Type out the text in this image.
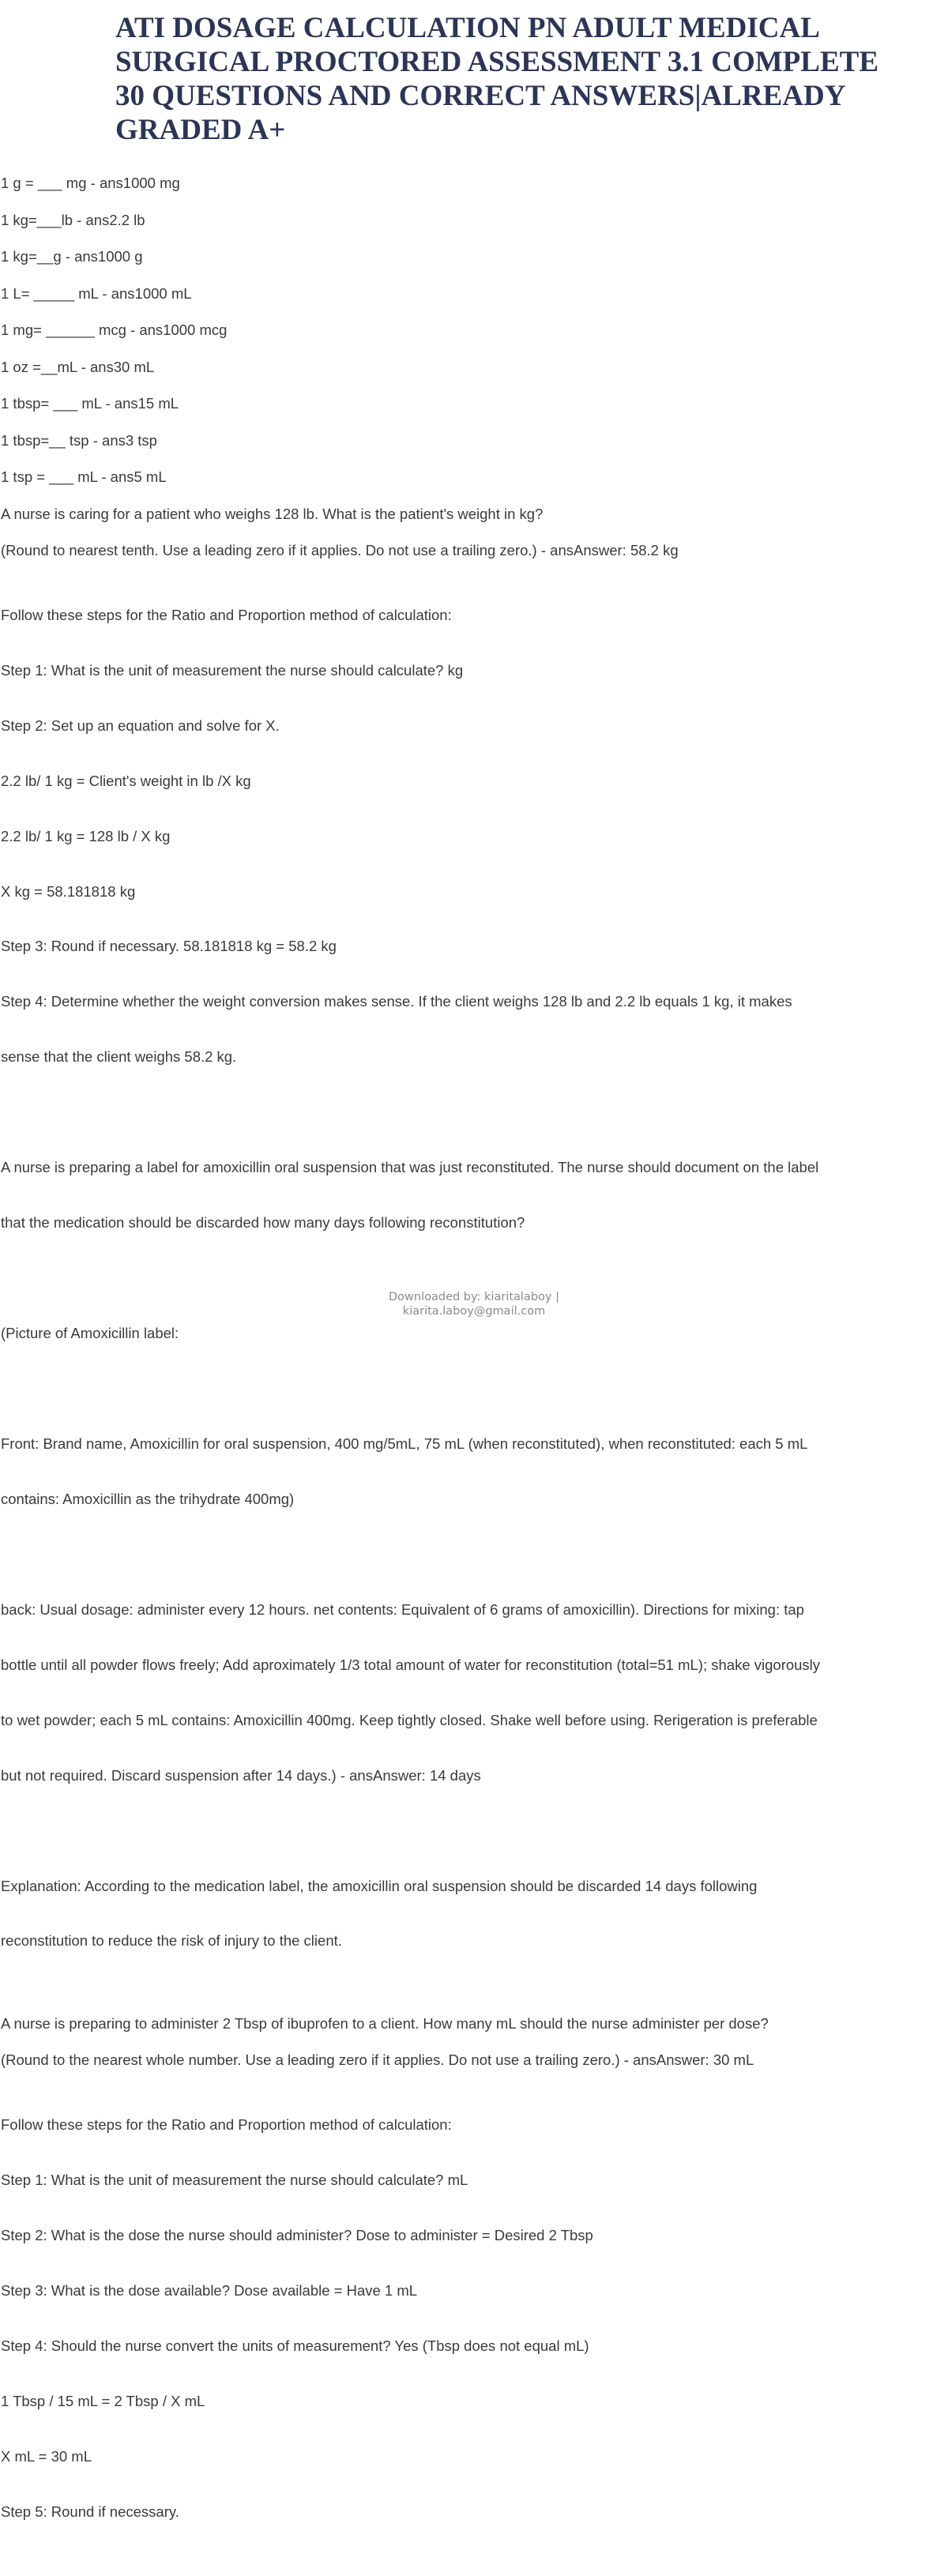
ATI DOSAGE CALCULATION PN ADULT MEDICAL SURGICAL PROCTORED ASSESSMENT 3.1 COMPLETE 30 QUESTIONS AND CORRECT ANSWERS|ALREADY GRADED A+
1 g = ___ mg - ans1000 mg
1 kg=___lb - ans2.2 lb
1 kg=__g - ans1000 g
1 L= _____ mL - ans1000 mL
1 mg= ______ mcg - ans1000 mcg
1 oz =__mL - ans30 mL
1 tbsp= ___ mL - ans15 mL
1 tbsp=__ tsp - ans3 tsp
1 tsp = ___ mL - ans5 mL
A nurse is caring for a patient who weighs 128 lb. What is the patient's weight in kg?
(Round to nearest tenth. Use a leading zero if it applies. Do not use a trailing zero.) - ansAnswer: 58.2 kg

Follow these steps for the Ratio and Proportion method of calculation:

Step 1: What is the unit of measurement the nurse should calculate? kg

Step 2: Set up an equation and solve for X.

2.2 lb/ 1 kg = Client's weight in lb /X kg

2.2 lb/ 1 kg = 128 lb / X kg

X kg = 58.181818 kg

Step 3: Round if necessary. 58.181818 kg = 58.2 kg

Step 4: Determine whether the weight conversion makes sense. If the client weighs 128 lb and 2.2 lb equals 1 kg, it makes

sense that the client weighs 58.2 kg.

A nurse is preparing a label for amoxicillin oral suspension that was just reconstituted. The nurse should document on the label

that the medication should be discarded how many days following reconstitution?

(Picture of Amoxicillin label:

Front: Brand name, Amoxicillin for oral suspension, 400 mg/5mL, 75 mL (when reconstituted), when reconstituted: each 5 mL

contains: Amoxicillin as the trihydrate 400mg)

back: Usual dosage: administer every 12 hours. net contents: Equivalent of 6 grams of amoxicillin). Directions for mixing: tap

bottle until all powder flows freely; Add aproximately 1/3 total amount of water for reconstitution (total=51 mL); shake vigorously

to wet powder; each 5 mL contains: Amoxicillin 400mg. Keep tightly closed. Shake well before using. Rerigeration is preferable

but not required. Discard suspension after 14 days.) - ansAnswer: 14 days

Explanation: According to the medication label, the amoxicillin oral suspension should be discarded 14 days following

reconstitution to reduce the risk of injury to the client.

A nurse is preparing to administer 2 Tbsp of ibuprofen to a client. How many mL should the nurse administer per dose?
(Round to the nearest whole number. Use a leading zero if it applies. Do not use a trailing zero.) - ansAnswer: 30 mL

Follow these steps for the Ratio and Proportion method of calculation:

Step 1: What is the unit of measurement the nurse should calculate? mL

Step 2: What is the dose the nurse should administer? Dose to administer = Desired 2 Tbsp

Step 3: What is the dose available? Dose available = Have 1 mL

Step 4: Should the nurse convert the units of measurement? Yes (Tbsp does not equal mL)

1 Tbsp / 15 mL = 2 Tbsp / X mL

X mL = 30 mL

Step 5: Round if necessary.

Downloaded by: kiaritalaboy |
kiarita.laboy@gmail.com
